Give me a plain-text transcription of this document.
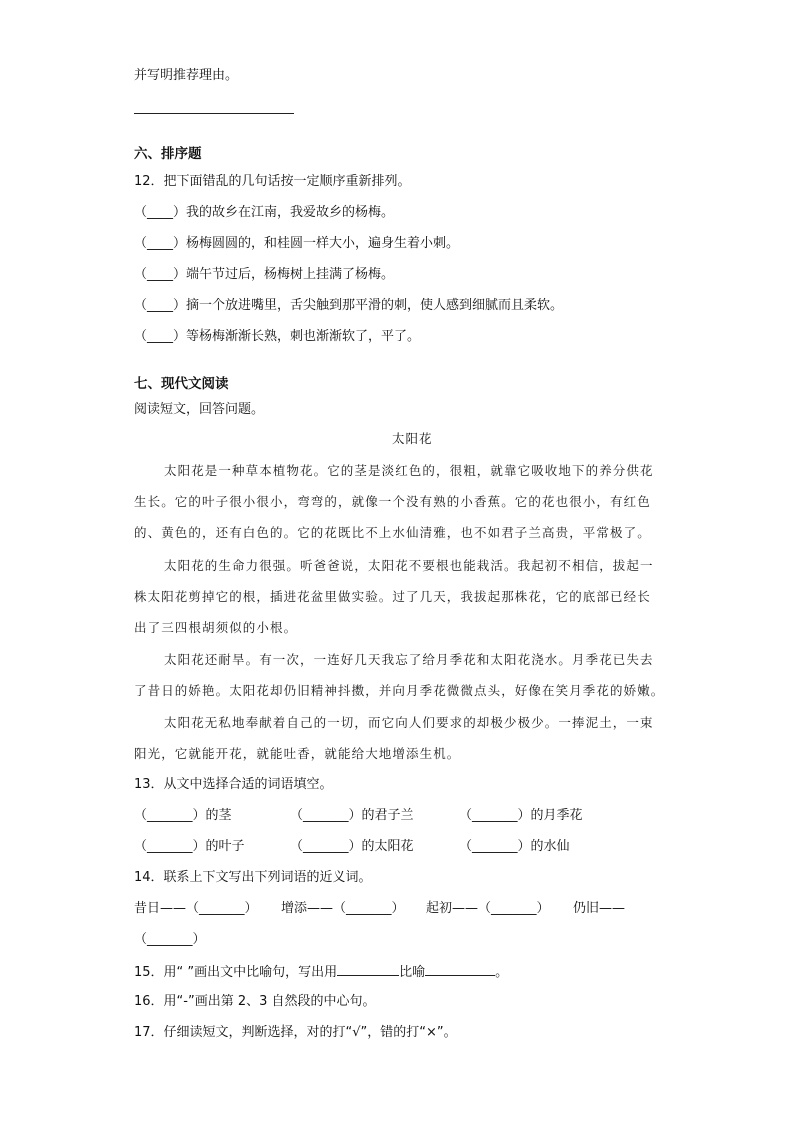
并写明推荐理由。
六、排序题
12．把下面错乱的几句话按一定顺序重新排列。
（____）我的故乡在江南，我爱故乡的杨梅。
（____）杨梅圆圆的，和桂圆一样大小，遍身生着小刺。
（____）端午节过后，杨梅树上挂满了杨梅。
（____）摘一个放进嘴里，舌尖触到那平滑的刺，使人感到细腻而且柔软。
（____）等杨梅渐渐长熟，刺也渐渐软了，平了。
七、现代文阅读
阅读短文，回答问题。
太阳花
太阳花是一种草本植物花。它的茎是淡红色的，很粗，就靠它吸收地下的养分供花
生长。它的叶子很小很小，弯弯的，就像一个没有熟的小香蕉。它的花也很小，有红色
的、黄色的，还有白色的。它的花既比不上水仙清雅，也不如君子兰高贵，平常极了。
太阳花的生命力很强。听爸爸说，太阳花不要根也能栽活。我起初不相信，拔起一
株太阳花剪掉它的根，插进花盆里做实验。过了几天，我拔起那株花，它的底部已经长
出了三四根胡须似的小根。
太阳花还耐旱。有一次，一连好几天我忘了给月季花和太阳花浇水。月季花已失去
了昔日的娇艳。太阳花却仍旧精神抖擞，并向月季花微微点头，好像在笑月季花的娇嫩。
太阳花无私地奉献着自己的一切，而它向人们要求的却极少极少。一捧泥土，一束
阳光，它就能开花，就能吐香，就能给大地增添生机。
13．从文中选择合适的词语填空。
（_______）的茎	（_______）的君子兰	（_______）的月季花
（_______）的叶子	（_______）的太阳花	（_______）的水仙
14．联系上下文写出下列词语的近义词。
昔日——（_______） 增添——（_______） 起初——（_______） 仍旧——
（_______）
15．用“ ”画出文中比喻句，写出用	比喻	。
16．用“-”画出第 2、3 自然段的中心句。
17．仔细读短文，判断选择，对的打“√”，错的打“×”。
